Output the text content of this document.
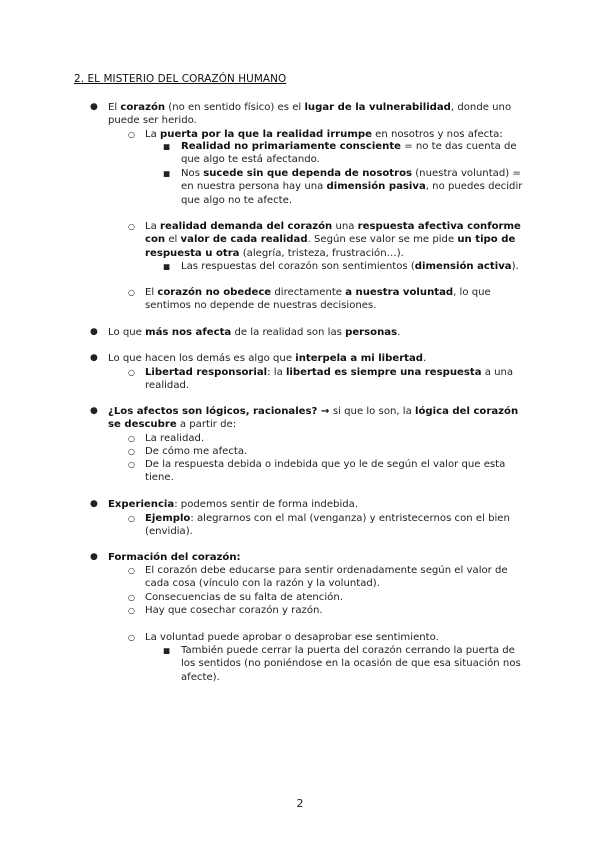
2. EL MISTERIO DEL CORAZÓN HUMANO
● El corazón (no en sentido físico) es el lugar de la vulnerabilidad, donde uno puede ser herido.
○ La puerta por la que la realidad irrumpe en nosotros y nos afecta:
■ Realidad no primariamente consciente = no te das cuenta de que algo te está afectando.
■ Nos sucede sin que dependa de nosotros (nuestra voluntad) = en nuestra persona hay una dimensión pasiva, no puedes decidir que algo no te afecte.
○ La realidad demanda del corazón una respuesta afectiva conforme con el valor de cada realidad. Según ese valor se me pide un tipo de respuesta u otra (alegría, tristeza, frustración…).
■ Las respuestas del corazón son sentimientos (dimensión activa).
○ El corazón no obedece directamente a nuestra voluntad, lo que sentimos no depende de nuestras decisiones.
● Lo que más nos afecta de la realidad son las personas.
● Lo que hacen los demás es algo que interpela a mi libertad.
○ Libertad responsorial: la libertad es siempre una respuesta a una realidad.
● ¿Los afectos son lógicos, racionales? → si que lo son, la lógica del corazón se descubre a partir de:
○ La realidad.
○ De cómo me afecta.
○ De la respuesta debida o indebida que yo le de según el valor que esta tiene.
● Experiencia: podemos sentir de forma indebida.
○ Ejemplo: alegrarnos con el mal (venganza) y entristecernos con el bien (envidia).
● Formación del corazón:
○ El corazón debe educarse para sentir ordenadamente según el valor de cada cosa (vínculo con la razón y la voluntad).
○ Consecuencias de su falta de atención.
○ Hay que cosechar corazón y razón.
○ La voluntad puede aprobar o desaprobar ese sentimiento.
■ También puede cerrar la puerta del corazón cerrando la puerta de los sentidos (no poniéndose en la ocasión de que esa situación nos afecte).
2
